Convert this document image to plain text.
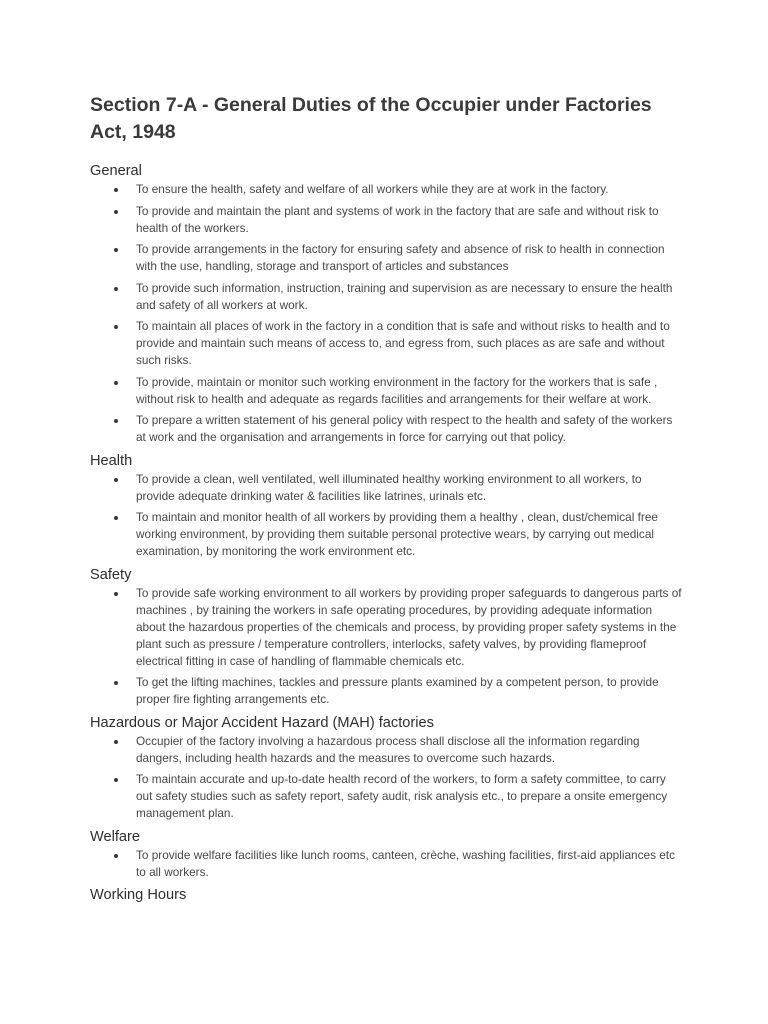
Section 7-A - General Duties of the Occupier under Factories Act, 1948
General
To ensure the health, safety and welfare of all workers while they are at work in the factory.
To provide and maintain the plant and systems of work in the factory that are safe and without risk to health of the workers.
To provide arrangements in the factory for ensuring safety and absence of risk to health in connection with the use, handling, storage and transport of articles and substances
To provide such information, instruction, training and supervision as are necessary to ensure the health and safety of all workers at work.
To maintain all places of work in the factory in a condition that is safe and without risks to health and to provide and maintain such means of access to, and egress from, such places as are safe and without such risks.
To provide, maintain or monitor such working environment in the factory for the workers that is safe , without risk to health and adequate as regards facilities and arrangements for their welfare at work.
To prepare a written statement of his general policy with respect to the health and safety of the workers at work and the organisation and arrangements in force for carrying out that policy.
Health
To provide a clean, well ventilated, well illuminated healthy working environment to all workers, to provide adequate drinking water & facilities like latrines, urinals etc.
To maintain and monitor health of all workers by providing them a healthy , clean, dust/chemical free working environment, by providing them suitable personal protective wears, by carrying out medical examination, by monitoring the work environment etc.
Safety
To provide safe working environment to all workers by providing proper safeguards to dangerous parts of machines , by training the workers in safe operating procedures, by providing adequate information about the hazardous properties of the chemicals and process, by providing proper safety systems in the plant such as pressure / temperature controllers, interlocks, safety valves, by providing flameproof electrical fitting in case of handling of flammable chemicals etc.
To get the lifting machines, tackles and pressure plants examined by a competent person, to provide proper fire fighting arrangements etc.
Hazardous or Major Accident Hazard (MAH) factories
Occupier of the factory involving a hazardous process shall disclose all the information regarding dangers, including health hazards and the measures to overcome such hazards.
To maintain accurate and up-to-date health record of the workers, to form a safety committee, to carry out safety studies such as safety report, safety audit, risk analysis etc., to prepare a onsite emergency management plan.
Welfare
To provide welfare facilities like lunch rooms, canteen, crèche, washing facilities, first-aid appliances etc to all workers.
Working Hours
